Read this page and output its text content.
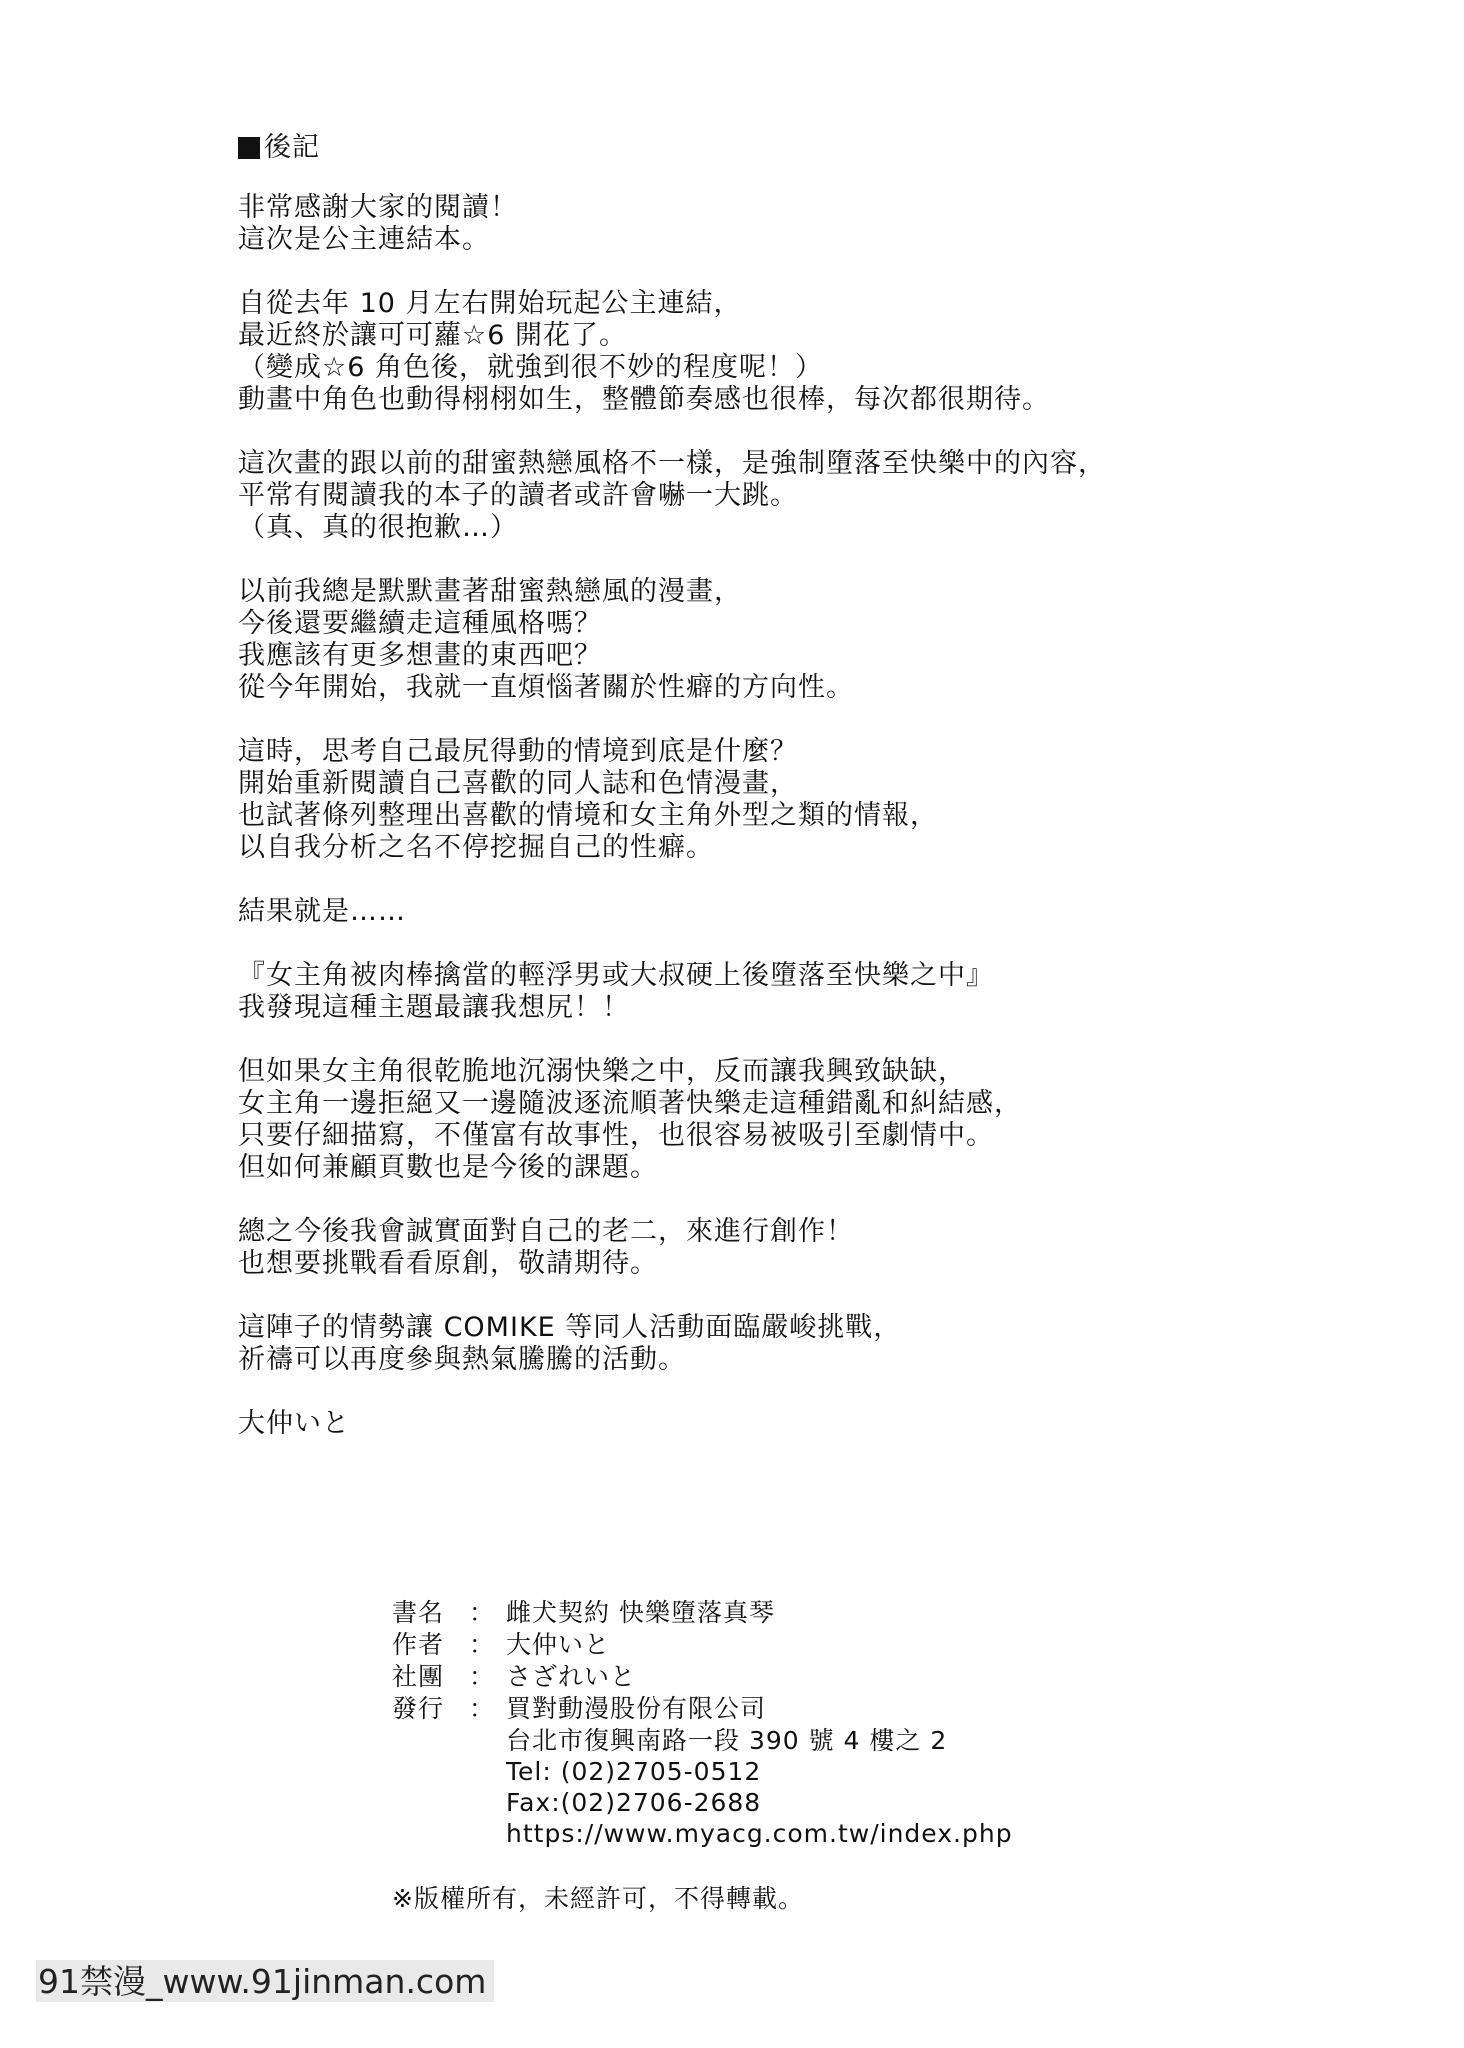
後記
非常感謝大家的閱讀！
這次是公主連結本。
自從去年 10 月左右開始玩起公主連結，
最近終於讓可可蘿☆6 開花了。
（變成☆6 角色後，就強到很不妙的程度呢！）
動畫中角色也動得栩栩如生，整體節奏感也很棒，每次都很期待。
這次畫的跟以前的甜蜜熱戀風格不一樣，是強制墮落至快樂中的內容，
平常有閱讀我的本子的讀者或許會嚇一大跳。
（真、真的很抱歉…）
以前我總是默默畫著甜蜜熱戀風的漫畫，
今後還要繼續走這種風格嗎？
我應該有更多想畫的東西吧？
從今年開始，我就一直煩惱著關於性癖的方向性。
這時，思考自己最尻得動的情境到底是什麼？
開始重新閱讀自己喜歡的同人誌和色情漫畫，
也試著條列整理出喜歡的情境和女主角外型之類的情報，
以自我分析之名不停挖掘自己的性癖。
結果就是……
『女主角被肉棒擒當的輕浮男或大叔硬上後墮落至快樂之中』
我發現這種主題最讓我想尻！！
但如果女主角很乾脆地沉溺快樂之中，反而讓我興致缺缺，
女主角一邊拒絕又一邊隨波逐流順著快樂走這種錯亂和糾結感，
只要仔細描寫，不僅富有故事性，也很容易被吸引至劇情中。
但如何兼顧頁數也是今後的課題。
總之今後我會誠實面對自己的老二，來進行創作！
也想要挑戰看看原創，敬請期待。
這陣子的情勢讓 COMIKE 等同人活動面臨嚴峻挑戰，
祈禱可以再度參與熱氣騰騰的活動。
大仲いと
書名 ： 雌犬契約 快樂墮落真琴
作者 ： 大仲いと
社團 ： さざれいと
發行 ： 買對動漫股份有限公司
台北市復興南路一段 390 號 4 樓之 2
Tel: (02)2705-0512
Fax:(02)2706-2688
https://www.myacg.com.tw/index.php
※版權所有，未經許可，不得轉載。
91禁漫_www.91jinman.com
